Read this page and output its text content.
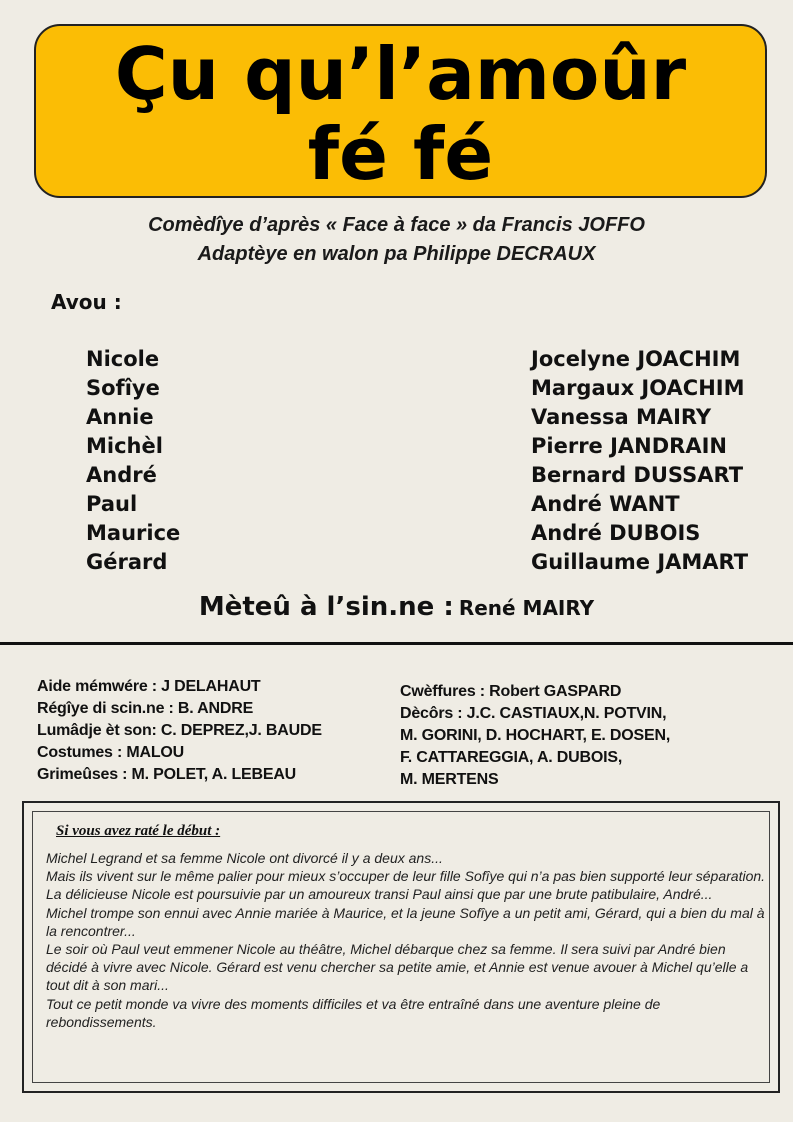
Çu qu’l’amoûr
fé fé
Comèdîye d’après « Face à face » da Francis JOFFO
Adaptèye en walon pa Philippe DECRAUX
Avou :
Nicole
Sofîye
Annie
Michèl
André
Paul
Maurice
Gérard
Jocelyne JOACHIM
Margaux JOACHIM
Vanessa MAIRY
Pierre JANDRAIN
Bernard DUSSART
André WANT
André DUBOIS
Guillaume JAMART
Mèteû à l’sin.ne : René MAIRY
Aide mémwére : J DELAHAUT
Régîye di scin.ne : B. ANDRE
Lumâdje èt son: C. DEPREZ,J. BAUDE
Costumes : MALOU
Grimeûses : M. POLET, A. LEBEAU
Cwèffures : Robert GASPARD
Dècôrs : J.C. CASTIAUX,N. POTVIN,
M. GORINI, D. HOCHART, E. DOSEN,
F. CATTAREGGIA, A. DUBOIS,
M. MERTENS
Si vous avez raté le début :

Michel Legrand et sa femme Nicole ont divorcé il y a deux ans...

Mais ils vivent sur le même palier pour mieux s’occuper de leur fille Sofîye qui n’a pas bien supporté leur séparation.

La délicieuse Nicole est poursuivie par un amoureux transi Paul ainsi que par une brute patibulaire, André...

Michel trompe son ennui avec Annie mariée à Maurice, et la jeune Sofîye a un petit ami, Gérard, qui a bien du mal à la rencontrer...

Le soir où Paul veut emmener Nicole au théâtre, Michel débarque chez sa femme. Il sera suivi par André bien décidé à vivre avec Nicole. Gérard est venu chercher sa petite amie, et Annie est venue avouer à Michel qu’elle a tout dit à son mari...

Tout ce petit monde va vivre des moments difficiles et va être entraîné dans une aventure pleine de rebondissements.
